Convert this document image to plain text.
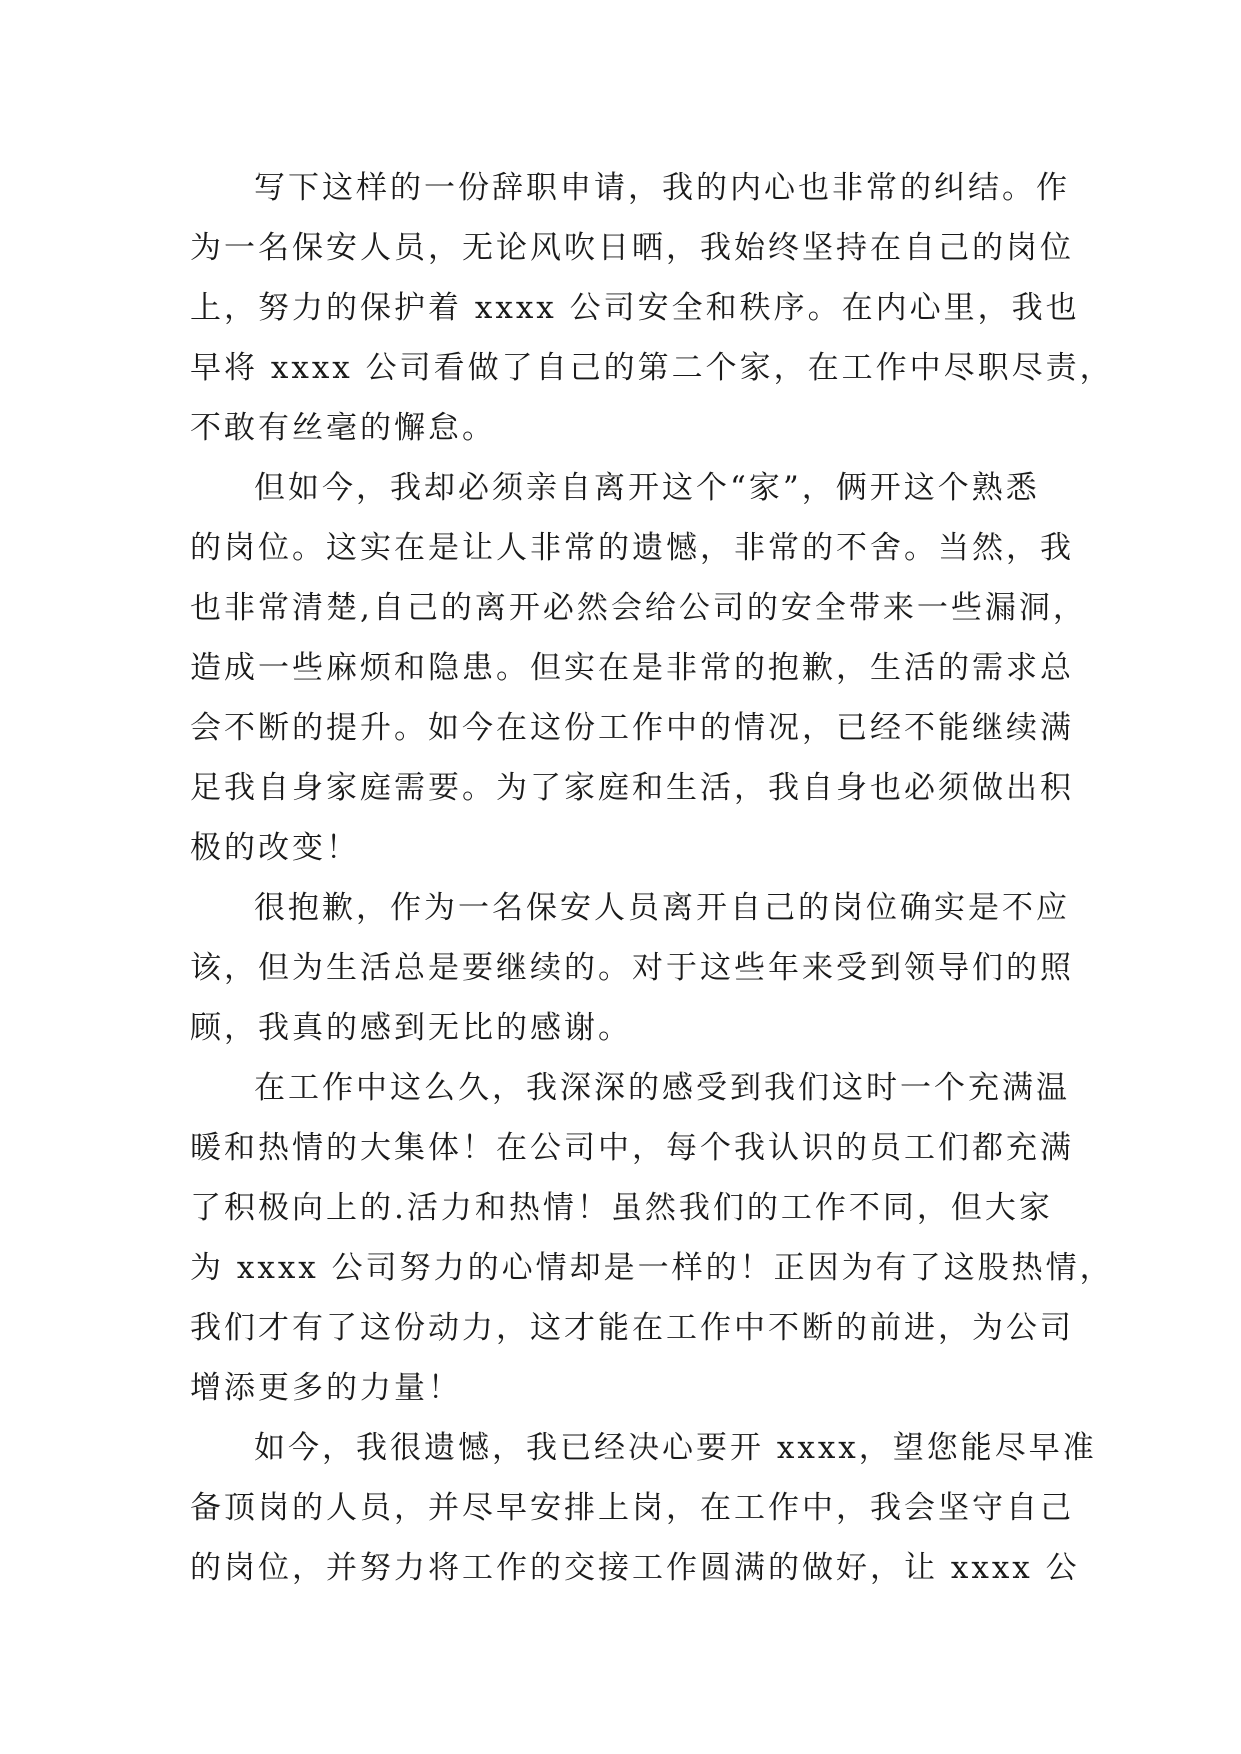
写下这样的一份辞职申请，我的内心也非常的纠结。作
为一名保安人员，无论风吹日晒，我始终坚持在自己的岗位
上，努力的保护着 xxxx 公司安全和秩序。在内心里，我也
早将 xxxx 公司看做了自己的第二个家，在工作中尽职尽责，
不敢有丝毫的懈怠。
但如今，我却必须亲自离开这个“家”，俩开这个熟悉
的岗位。这实在是让人非常的遗憾，非常的不舍。当然，我
也非常清楚,自己的离开必然会给公司的安全带来一些漏洞，
造成一些麻烦和隐患。但实在是非常的抱歉，生活的需求总
会不断的提升。如今在这份工作中的情况，已经不能继续满
足我自身家庭需要。为了家庭和生活，我自身也必须做出积
极的改变！
很抱歉，作为一名保安人员离开自己的岗位确实是不应
该，但为生活总是要继续的。对于这些年来受到领导们的照
顾，我真的感到无比的感谢。
在工作中这么久，我深深的感受到我们这时一个充满温
暖和热情的大集体！在公司中，每个我认识的员工们都充满
了积极向上的.活力和热情！虽然我们的工作不同，但大家
为 xxxx 公司努力的心情却是一样的！正因为有了这股热情，
我们才有了这份动力，这才能在工作中不断的前进，为公司
增添更多的力量！
如今，我很遗憾，我已经决心要开 xxxx，望您能尽早准
备顶岗的人员，并尽早安排上岗，在工作中，我会坚守自己
的岗位，并努力将工作的交接工作圆满的做好，让 xxxx 公
